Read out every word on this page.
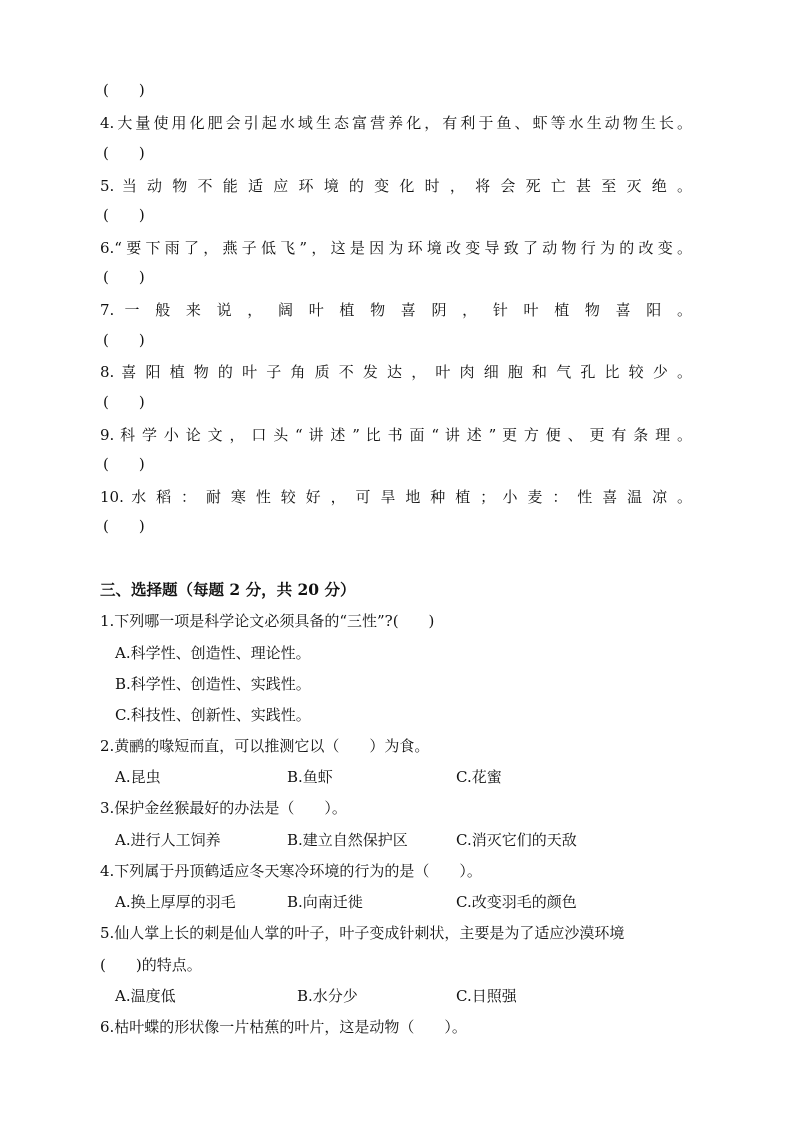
(　　)
4.大量使用化肥会引起水域生态富营养化，有利于鱼、虾等水生动物生长。
(　　)
5. 当 动 物 不 能 适 应 环 境 的 变 化 时 ， 将 会 死 亡 甚 至 灭 绝 。
(　　)
6.“要下雨了，燕子低飞”，这是因为环境改变导致了动物行为的改变。
(　　)
7. 一 般 来 说 ， 阔 叶 植 物 喜 阴 ， 针 叶 植 物 喜 阳 。
(　　)
8. 喜 阳 植 物 的 叶 子 角 质 不 发 达 ， 叶 肉 细 胞 和 气 孔 比 较 少 。
(　　)
9. 科 学 小 论 文 ， 口 头 “ 讲 述 ” 比 书 面 “ 讲 述 ” 更 方 便 、 更 有 条 理 。
(　　)
10. 水 稻 ： 耐 寒 性 较 好 ， 可 旱 地 种 植 ； 小 麦 ： 性 喜 温 凉 。
(　　)
三、选择题（每题 2 分，共 20 分）
1.下列哪一项是科学论文必须具备的“三性”?(　　)
A.科学性、创造性、理论性。
B.科学性、创造性、实践性。
C.科技性、创新性、实践性。
2.黄鹂的喙短而直，可以推测它以（　　）为食。
A.昆虫	B.鱼虾	C.花蜜
3.保护金丝猴最好的办法是（　　）。
A.进行人工饲养	B.建立自然保护区	C.消灭它们的天敌
4.下列属于丹顶鹤适应冬天寒冷环境的行为的是（　　）。
A.换上厚厚的羽毛	B.向南迁徙	C.改变羽毛的颜色
5.仙人掌上长的刺是仙人掌的叶子，叶子变成针刺状，主要是为了适应沙漠环境
(　　)的特点。
A.温度低	B.水分少	C.日照强
6.枯叶蝶的形状像一片枯蕉的叶片，这是动物（　　）。
